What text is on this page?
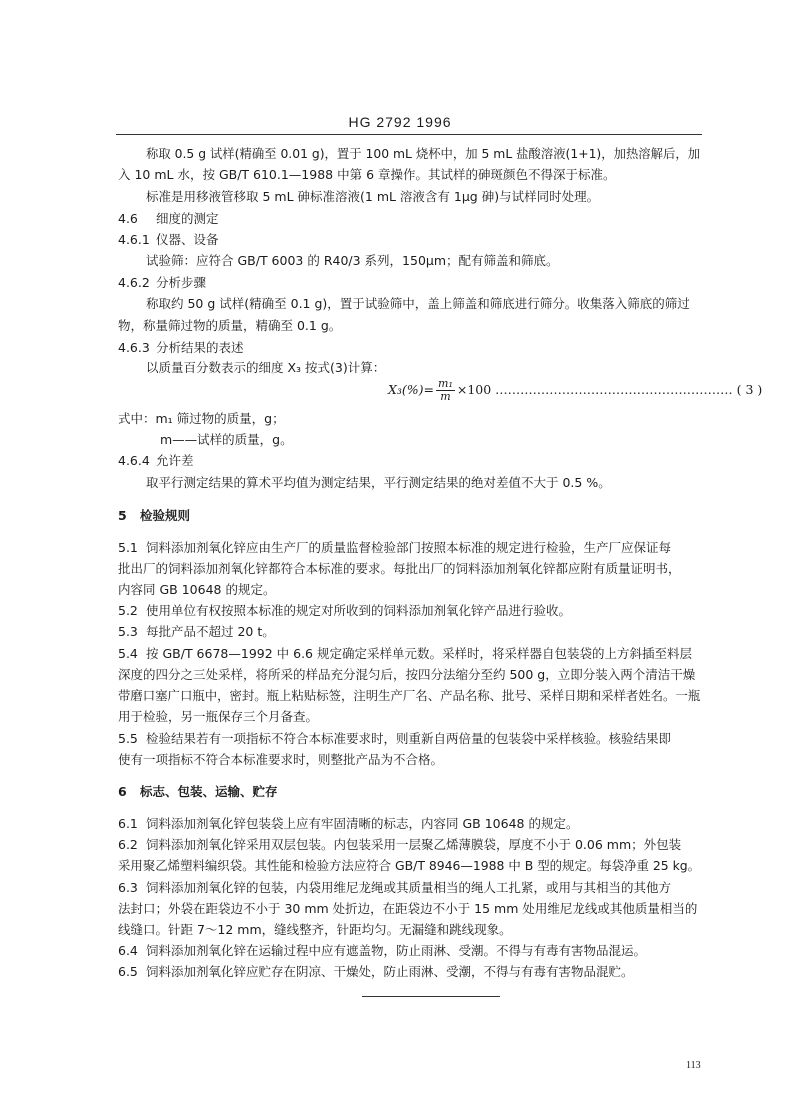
HG 2792 1996
称取 0.5 g 试样(精确至 0.01 g)，置于 100 mL 烧杯中，加 5 mL 盐酸溶液(1+1)，加热溶解后，加
入 10 mL 水，按 GB/T 610.1—1988 中第 6 章操作。其试样的砷斑颜色不得深于标准。
标准是用移液管移取 5 mL 砷标准溶液(1 mL 溶液含有 1μg 砷)与试样同时处理。
4.6 细度的测定
4.6.1 仪器、设备
试验筛：应符合 GB/T 6003 的 R40/3 系列，150μm；配有筛盖和筛底。
4.6.2 分析步骤
称取约 50 g 试样(精确至 0.1 g)，置于试验筛中，盖上筛盖和筛底进行筛分。收集落入筛底的筛过
物，称量筛过物的质量，精确至 0.1 g。
4.6.3 分析结果的表述
以质量百分数表示的细度 X₃ 按式(3)计算：
$X_3(\%)= \frac{\text{m₁}}{m} \times 100$ ………………………………………………… ( 3 )
式中：m₁ 筛过物的质量，g；
m——试样的质量，g。
4.6.4 允许差
取平行测定结果的算术平均值为测定结果，平行测定结果的绝对差值不大于 0.5 %。
5 检验规则
5.1 饲料添加剂氧化锌应由生产厂的质量监督检验部门按照本标准的规定进行检验，生产厂应保证每
批出厂的饲料添加剂氧化锌都符合本标准的要求。每批出厂的饲料添加剂氧化锌都应附有质量证明书，
内容同 GB 10648 的规定。
5.2 使用单位有权按照本标准的规定对所收到的饲料添加剂氧化锌产品进行验收。
5.3 每批产品不超过 20 t。
5.4 按 GB/T 6678—1992 中 6.6 规定确定采样单元数。采样时，将采样器自包装袋的上方斜插至料层
深度的四分之三处采样，将所采的样品充分混匀后，按四分法缩分至约 500 g，立即分装入两个清洁干燥
带磨口塞广口瓶中，密封。瓶上粘贴标签，注明生产厂名、产品名称、批号、采样日期和采样者姓名。一瓶
用于检验，另一瓶保存三个月备查。
5.5 检验结果若有一项指标不符合本标准要求时，则重新自两倍量的包装袋中采样核验。核验结果即
使有一项指标不符合本标准要求时，则整批产品为不合格。
6 标志、包装、运输、贮存
6.1 饲料添加剂氧化锌包装袋上应有牢固清晰的标志，内容同 GB 10648 的规定。
6.2 饲料添加剂氧化锌采用双层包装。内包装采用一层聚乙烯薄膜袋，厚度不小于 0.06 mm；外包装
采用聚乙烯塑料编织袋。其性能和检验方法应符合 GB/T 8946—1988 中 B 型的规定。每袋净重 25 kg。
6.3 饲料添加剂氧化锌的包装，内袋用维尼龙绳或其质量相当的绳人工扎紧，或用与其相当的其他方
法封口；外袋在距袋边不小于 30 mm 处折边，在距袋边不小于 15 mm 处用维尼龙线或其他质量相当的
线缝口。针距 7～12 mm，缝线整齐，针距均匀。无漏缝和跳线现象。
6.4 饲料添加剂氧化锌在运输过程中应有遮盖物，防止雨淋、受潮。不得与有毒有害物品混运。
6.5 饲料添加剂氧化锌应贮存在阴凉、干燥处，防止雨淋、受潮，不得与有毒有害物品混贮。
113
